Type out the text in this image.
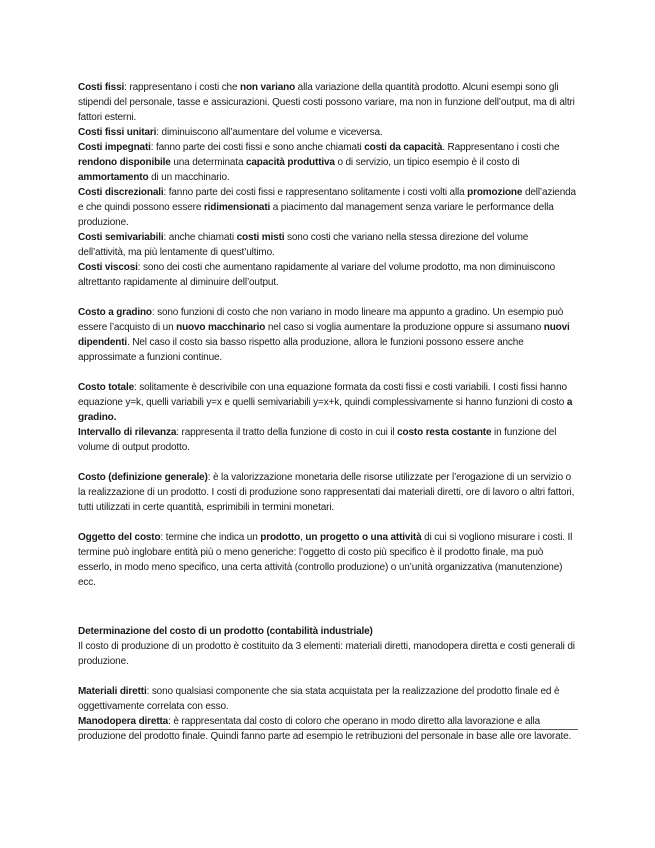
Costi fissi: rappresentano i costi che non variano alla variazione della quantità prodotto. Alcuni esempi sono gli stipendi del personale, tasse e assicurazioni. Questi costi possono variare, ma non in funzione dell’output, ma di altri fattori esterni.

Costi fissi unitari: diminuiscono all’aumentare del volume e viceversa.

Costi impegnati: fanno parte dei costi fissi e sono anche chiamati costi da capacità. Rappresentano i costi che rendono disponibile una determinata capacità produttiva o di servizio, un tipico esempio è il costo di ammortamento di un macchinario.

Costi discrezionali: fanno parte dei costi fissi e rappresentano solitamente i costi volti alla promozione dell’azienda e che quindi possono essere ridimensionati a piacimento dal management senza variare le performance della produzione.

Costi semivariabili: anche chiamati costi misti sono costi che variano nella stessa direzione del volume dell’attività, ma più lentamente di quest’ultimo.

Costi viscosi: sono dei costi che aumentano rapidamente al variare del volume prodotto, ma non diminuiscono altrettanto rapidamente al diminuire dell’output.

Costo a gradino: sono funzioni di costo che non variano in modo lineare ma appunto a gradino. Un esempio può essere l’acquisto di un nuovo macchinario nel caso si voglia aumentare la produzione oppure si assumano nuovi dipendenti. Nel caso il costo sia basso rispetto alla produzione, allora le funzioni possono essere anche approssimate a funzioni continue.

Costo totale: solitamente è descrivibile con una equazione formata da costi fissi e costi variabili. I costi fissi hanno equazione y=k, quelli variabili y=x e quelli semivariabili y=x+k, quindi complessivamente si hanno funzioni di costo a gradino.

Intervallo di rilevanza: rappresenta il tratto della funzione di costo in cui il costo resta costante in funzione del volume di output prodotto.

Costo (definizione generale): è la valorizzazione monetaria delle risorse utilizzate per l’erogazione di un servizio o la realizzazione di un prodotto. I costi di produzione sono rappresentati dai materiali diretti, ore di lavoro o altri fattori, tutti utilizzati in certe quantità, esprimibili in termini monetari.

Oggetto del costo: termine che indica un prodotto, un progetto o una attività di cui si vogliono misurare i costi. Il termine può inglobare entità più o meno generiche: l’oggetto di costo più specifico è il prodotto finale, ma può esserlo, in modo meno specifico, una certa attività (controllo produzione) o un’unità organizzativa (manutenzione) ecc.

Determinazione del costo di un prodotto (contabilità industriale)

Il costo di produzione di un prodotto è costituito da 3 elementi: materiali diretti, manodopera diretta e costi generali di produzione.

Materiali diretti: sono qualsiasi componente che sia stata acquistata per la realizzazione del prodotto finale ed è oggettivamente correlata con esso.

Manodopera diretta: è rappresentata dal costo di coloro che operano in modo diretto alla lavorazione e alla produzione del prodotto finale. Quindi fanno parte ad esempio le retribuzioni del personale in base alle ore lavorate.
